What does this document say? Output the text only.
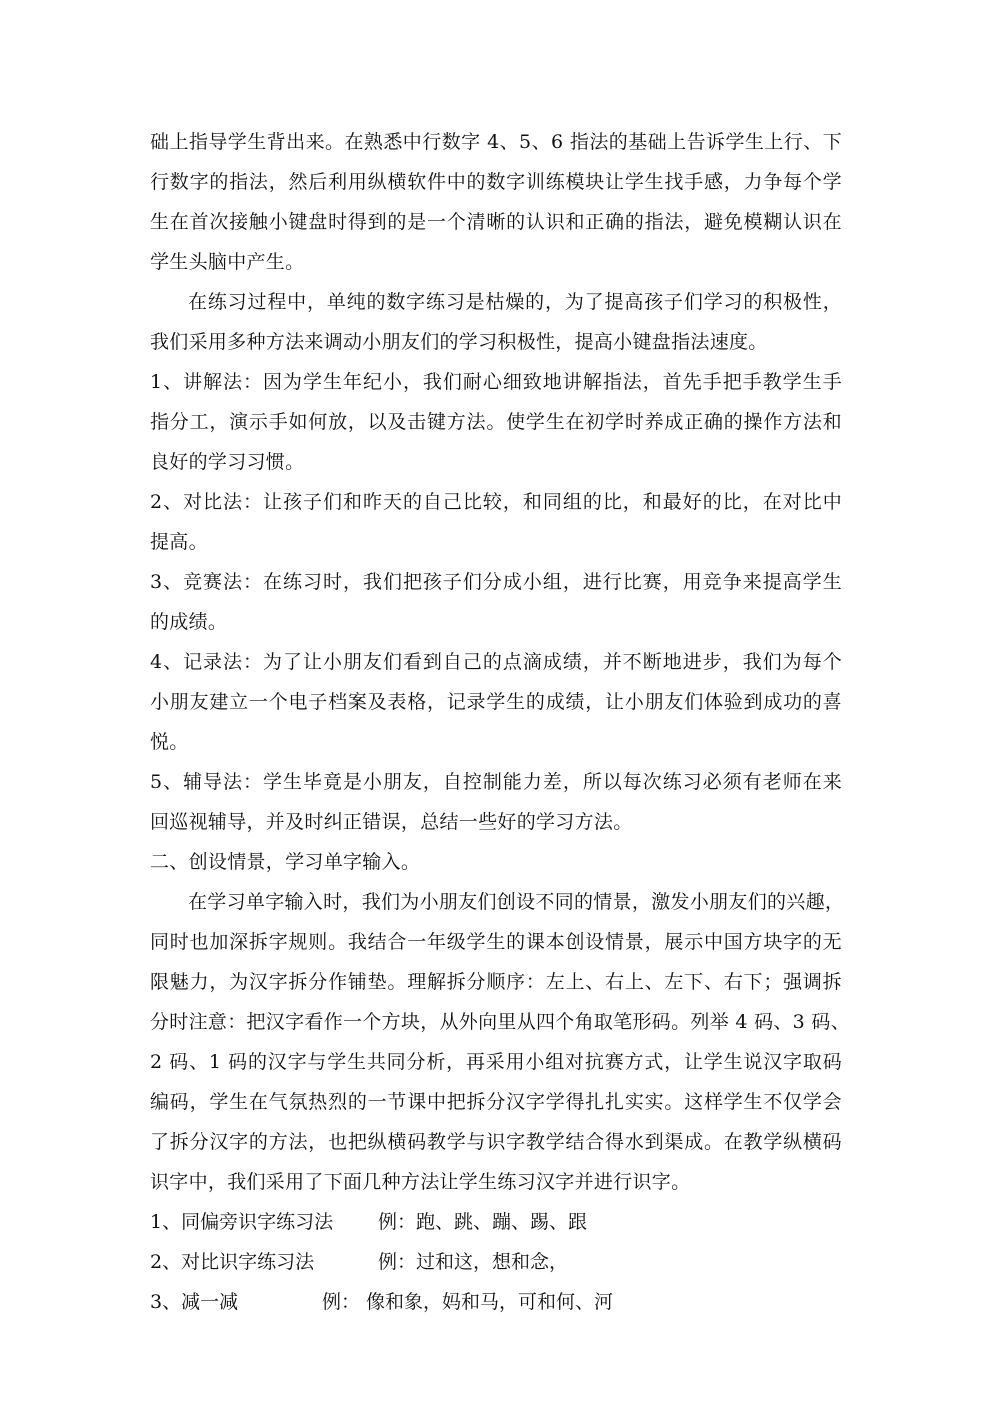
础上指导学生背出来。在熟悉中行数字 4、5、6 指法的基础上告诉学生上行、下
行数字的指法，然后利用纵横软件中的数字训练模块让学生找手感，力争每个学
生在首次接触小键盘时得到的是一个清晰的认识和正确的指法，避免模糊认识在
学生头脑中产生。
在练习过程中，单纯的数字练习是枯燥的，为了提高孩子们学习的积极性，
我们采用多种方法来调动小朋友们的学习积极性，提高小键盘指法速度。
1、讲解法：因为学生年纪小，我们耐心细致地讲解指法，首先手把手教学生手
指分工，演示手如何放，以及击键方法。使学生在初学时养成正确的操作方法和
良好的学习习惯。
2、对比法：让孩子们和昨天的自己比较，和同组的比，和最好的比，在对比中
提高。
3、竞赛法：在练习时，我们把孩子们分成小组，进行比赛，用竞争来提高学生
的成绩。
4、记录法：为了让小朋友们看到自己的点滴成绩，并不断地进步，我们为每个
小朋友建立一个电子档案及表格，记录学生的成绩，让小朋友们体验到成功的喜
悦。
5、辅导法：学生毕竟是小朋友，自控制能力差，所以每次练习必须有老师在来
回巡视辅导，并及时纠正错误，总结一些好的学习方法。
二、创设情景，学习单字输入。
在学习单字输入时，我们为小朋友们创设不同的情景，激发小朋友们的兴趣，
同时也加深拆字规则。我结合一年级学生的课本创设情景，展示中国方块字的无
限魅力，为汉字拆分作铺垫。理解拆分顺序：左上、右上、左下、右下；强调拆
分时注意：把汉字看作一个方块，从外向里从四个角取笔形码。列举 4 码、3 码、
2 码、1 码的汉字与学生共同分析，再采用小组对抗赛方式，让学生说汉字取码
编码，学生在气氛热烈的一节课中把拆分汉字学得扎扎实实。这样学生不仅学会
了拆分汉字的方法，也把纵横码教学与识字教学结合得水到渠成。在教学纵横码
识字中，我们采用了下面几种方法让学生练习汉字并进行识字。
1、同偏旁识字练习法 例：跑、跳、蹦、踢、跟
2、对比识字练习法	例：过和这，想和念，
3、减一减	例： 像和象，妈和马，可和何、河
